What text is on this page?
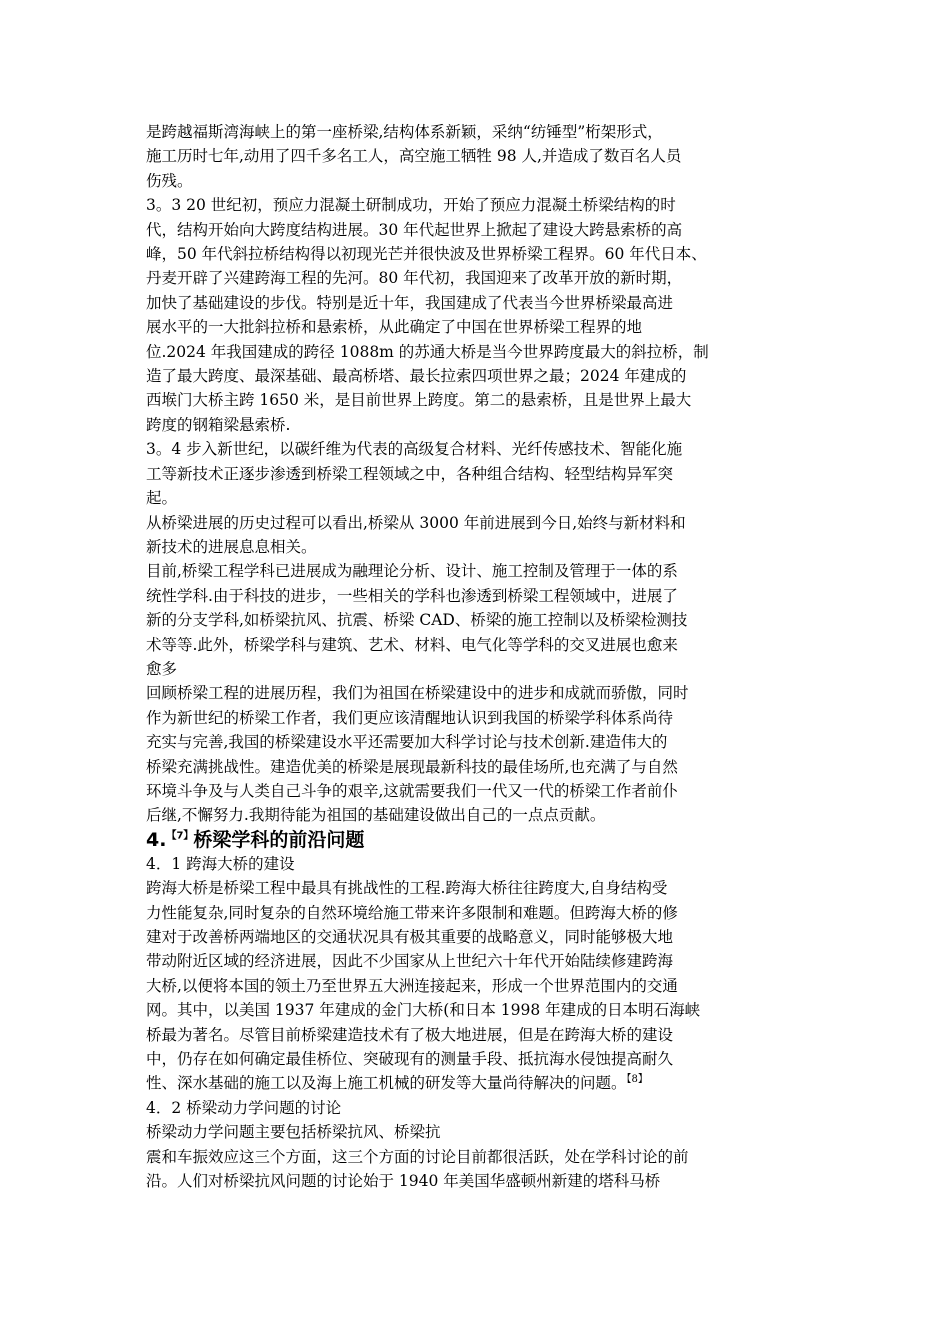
是跨越福斯湾海峡上的第一座桥梁,结构体系新颖，采纳“纺锤型”桁架形式，
施工历时七年,动用了四千多名工人，高空施工牺牲 98 人,并造成了数百名人员
伤残。
3。3 20 世纪初，预应力混凝土研制成功，开始了预应力混凝土桥梁结构的时
代，结构开始向大跨度结构进展。30 年代起世界上掀起了建设大跨悬索桥的高
峰，50 年代斜拉桥结构得以初现光芒并很快波及世界桥梁工程界。60 年代日本、
丹麦开辟了兴建跨海工程的先河。80 年代初，我国迎来了改革开放的新时期，
加快了基础建设的步伐。特别是近十年，我国建成了代表当今世界桥梁最高进
展水平的一大批斜拉桥和悬索桥，从此确定了中国在世界桥梁工程界的地
位.2024 年我国建成的跨径 1088m 的苏通大桥是当今世界跨度最大的斜拉桥，制
造了最大跨度、最深基础、最高桥塔、最长拉索四项世界之最；2024 年建成的
西堠门大桥主跨 1650 米，是目前世界上跨度。第二的悬索桥，且是世界上最大
跨度的钢箱梁悬索桥.
3。4 步入新世纪，以碳纤维为代表的高级复合材料、光纤传感技术、智能化施
工等新技术正逐步渗透到桥梁工程领域之中，各种组合结构、轻型结构异军突
起。
从桥梁进展的历史过程可以看出,桥梁从 3000 年前进展到今日,始终与新材料和
新技术的进展息息相关。
目前,桥梁工程学科已进展成为融理论分析、设计、施工控制及管理于一体的系
统性学科.由于科技的进步，一些相关的学科也渗透到桥梁工程领域中，进展了
新的分支学科,如桥梁抗风、抗震、桥梁 CAD、桥梁的施工控制以及桥梁检测技
术等等.此外，桥梁学科与建筑、艺术、材料、电气化等学科的交叉进展也愈来
愈多
回顾桥梁工程的进展历程，我们为祖国在桥梁建设中的进步和成就而骄傲，同时
作为新世纪的桥梁工作者，我们更应该清醒地认识到我国的桥梁学科体系尚待
充实与完善,我国的桥梁建设水平还需要加大科学讨论与技术创新.建造伟大的
桥梁充满挑战性。建造优美的桥梁是展现最新科技的最佳场所,也充满了与自然
环境斗争及与人类自己斗争的艰辛,这就需要我们一代又一代的桥梁工作者前仆
后继,不懈努力.我期待能为祖国的基础建设做出自己的一点点贡献。
4.$^{【7】}$桥梁学科的前沿问题
4．1 跨海大桥的建设
跨海大桥是桥梁工程中最具有挑战性的工程.跨海大桥往往跨度大,自身结构受
力性能复杂,同时复杂的自然环境给施工带来许多限制和难题。但跨海大桥的修
建对于改善桥两端地区的交通状况具有极其重要的战略意义，同时能够极大地
带动附近区域的经济进展，因此不少国家从上世纪六十年代开始陆续修建跨海
大桥,以便将本国的领土乃至世界五大洲连接起来，形成一个世界范围内的交通
网。其中，以美国 1937 年建成的金门大桥(和日本 1998 年建成的日本明石海峡
桥最为著名。尽管目前桥梁建造技术有了极大地进展，但是在跨海大桥的建设
中，仍存在如何确定最佳桥位、突破现有的测量手段、抵抗海水侵蚀提高耐久
性、深水基础的施工以及海上施工机械的研发等大量尚待解决的问题。$^{【8】}$
4．2 桥梁动力学问题的讨论
桥梁动力学问题主要包括桥梁抗风、桥梁抗
震和车振效应这三个方面，这三个方面的讨论目前都很活跃，处在学科讨论的前
沿。人们对桥梁抗风问题的讨论始于 1940 年美国华盛顿州新建的塔科马桥
